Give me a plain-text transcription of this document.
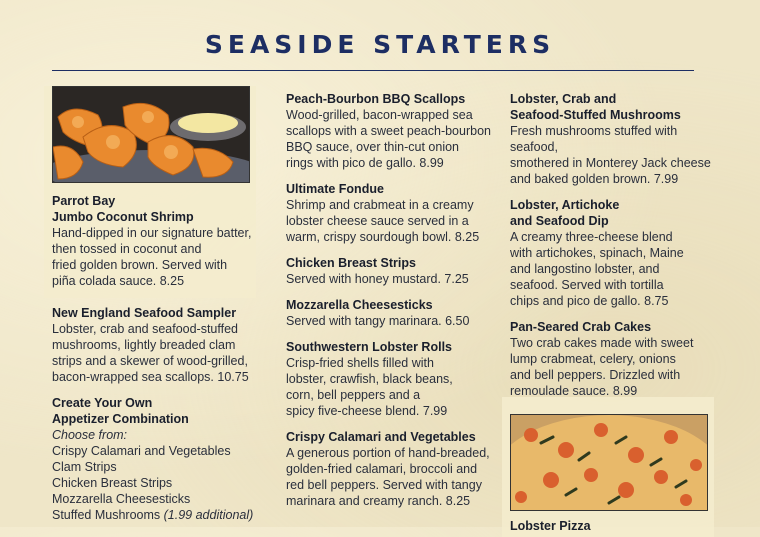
SEASIDE STARTERS
Parrot Bay
Jumbo Coconut Shrimp
Hand-dipped in our signature batter,
then tossed in coconut and
fried golden brown. Served with
piña colada sauce. 8.25
New England Seafood Sampler
Lobster, crab and seafood-stuffed
mushrooms, lightly breaded clam
strips and a skewer of wood-grilled,
bacon-wrapped sea scallops. 10.75
Create Your Own
Appetizer Combination
Choose from:
Crispy Calamari and Vegetables
Clam Strips
Chicken Breast Strips
Mozzarella Cheesesticks
Stuffed Mushrooms (1.99 additional)
Peach-Bourbon BBQ Scallops
Wood-grilled, bacon-wrapped sea
scallops with a sweet peach-bourbon
BBQ sauce, over thin-cut onion
rings with pico de gallo. 8.99
Ultimate Fondue
Shrimp and crabmeat in a creamy
lobster cheese sauce served in a
warm, crispy sourdough bowl. 8.25
Chicken Breast Strips
Served with honey mustard. 7.25
Mozzarella Cheesesticks
Served with tangy marinara. 6.50
Southwestern Lobster Rolls
Crisp-fried shells filled with
lobster, crawfish, black beans,
corn, bell peppers and a
spicy five-cheese blend. 7.99
Crispy Calamari and Vegetables
A generous portion of hand-breaded,
golden-fried calamari, broccoli and
red bell peppers. Served with tangy
marinara and creamy ranch. 8.25
Lobster, Crab and
Seafood-Stuffed Mushrooms
Fresh mushrooms stuffed with seafood,
smothered in Monterey Jack cheese
and baked golden brown. 7.99
Lobster, Artichoke
and Seafood Dip
A creamy three-cheese blend
with artichokes, spinach, Maine
and langostino lobster, and
seafood. Served with tortilla
chips and pico de gallo. 8.75
Pan-Seared Crab Cakes
Two crab cakes made with sweet
lump crabmeat, celery, onions
and bell peppers. Drizzled with
remoulade sauce. 8.99
Lobster Pizza
